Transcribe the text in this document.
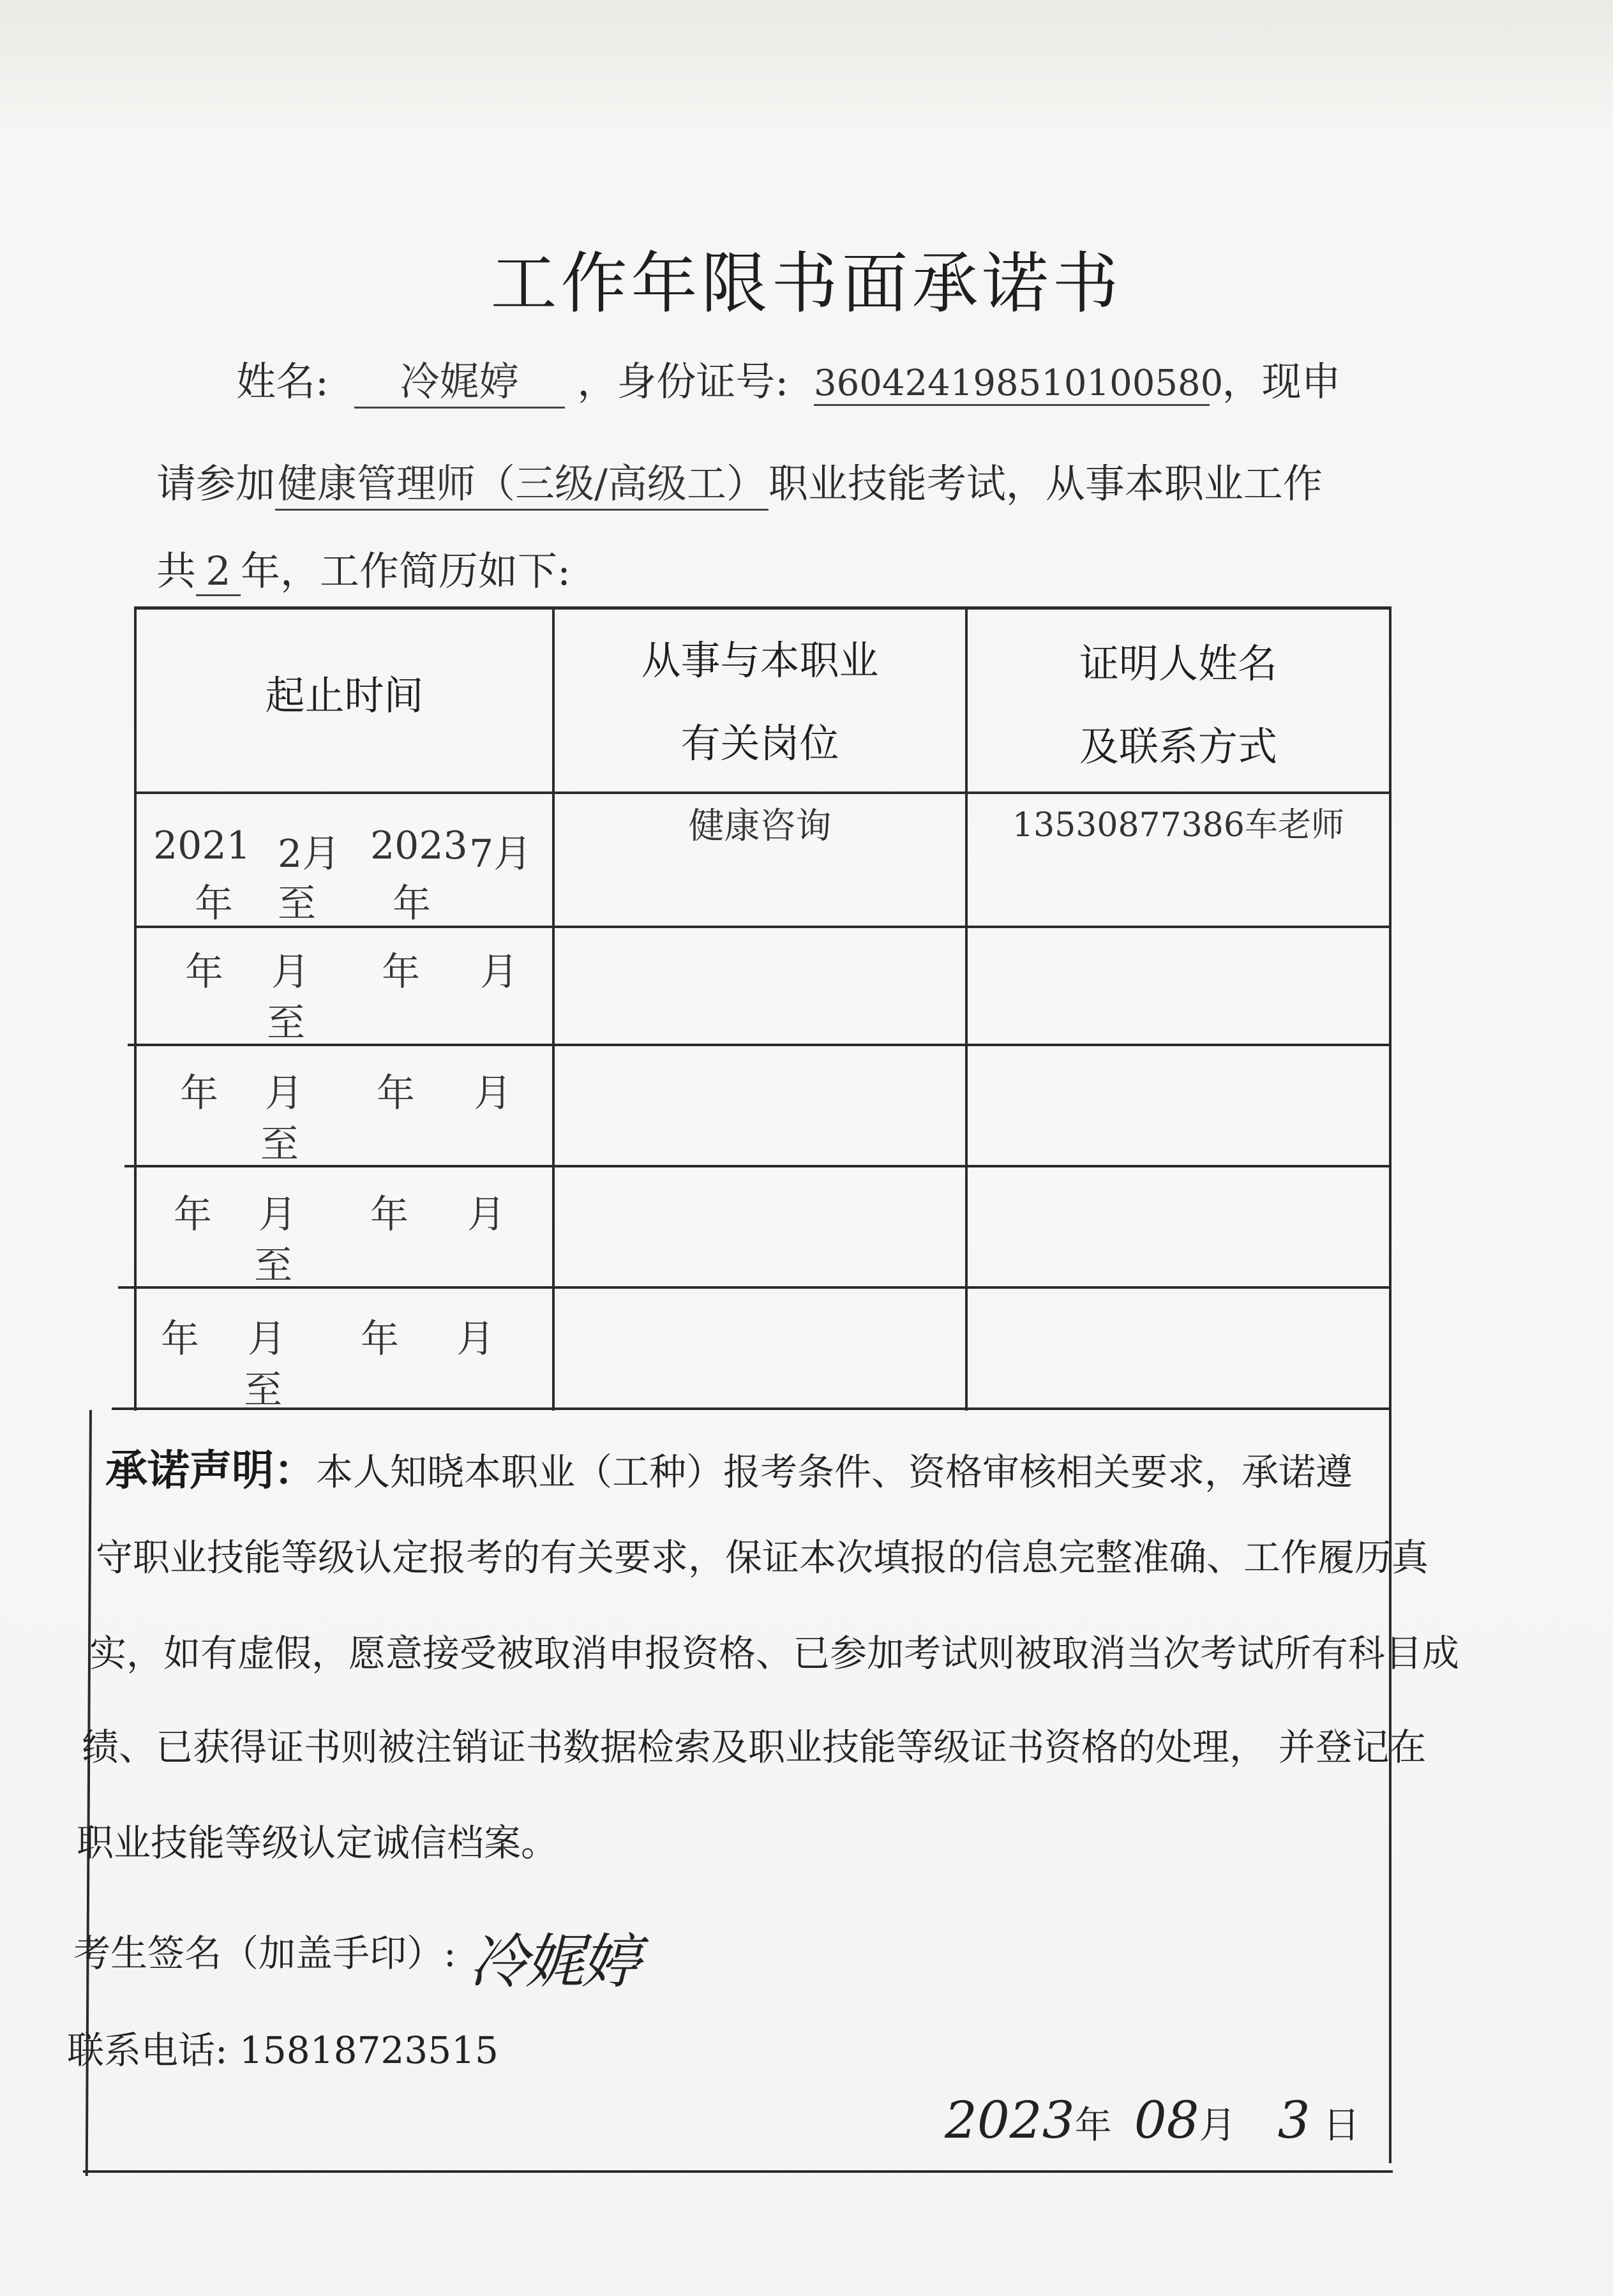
工作年限书面承诺书
姓名: 冷娓婷 ，身份证号: 360424198510100580 ，现申
请参加健康管理师（三级/高级工）职业技能考试，从事本职业工作
共 2 年，工作简历如下:
起止时间
从事与本职业
有关岗位
证明人姓名
及联系方式
2021 2月 2023 7月
年 至 年
健康咨询	13530877386车老师
年 月 年 月
至
年 月 年 月
至
年 月 年 月
至
年 月 年 月
至
承诺声明：本人知晓本职业（工种）报考条件、资格审核相关要求，承诺遵
守职业技能等级认定报考的有关要求，保证本次填报的信息完整准确、工作履历真
实，如有虚假，愿意接受被取消申报资格、已参加考试则被取消当次考试所有科目成
绩、已获得证书则被注销证书数据检索及职业技能等级证书资格的处理， 并登记在
职业技能等级认定诚信档案。
考生签名（加盖手印）: 冷娓婷
联系电话: 15818723515
2023年 08月 3 日
